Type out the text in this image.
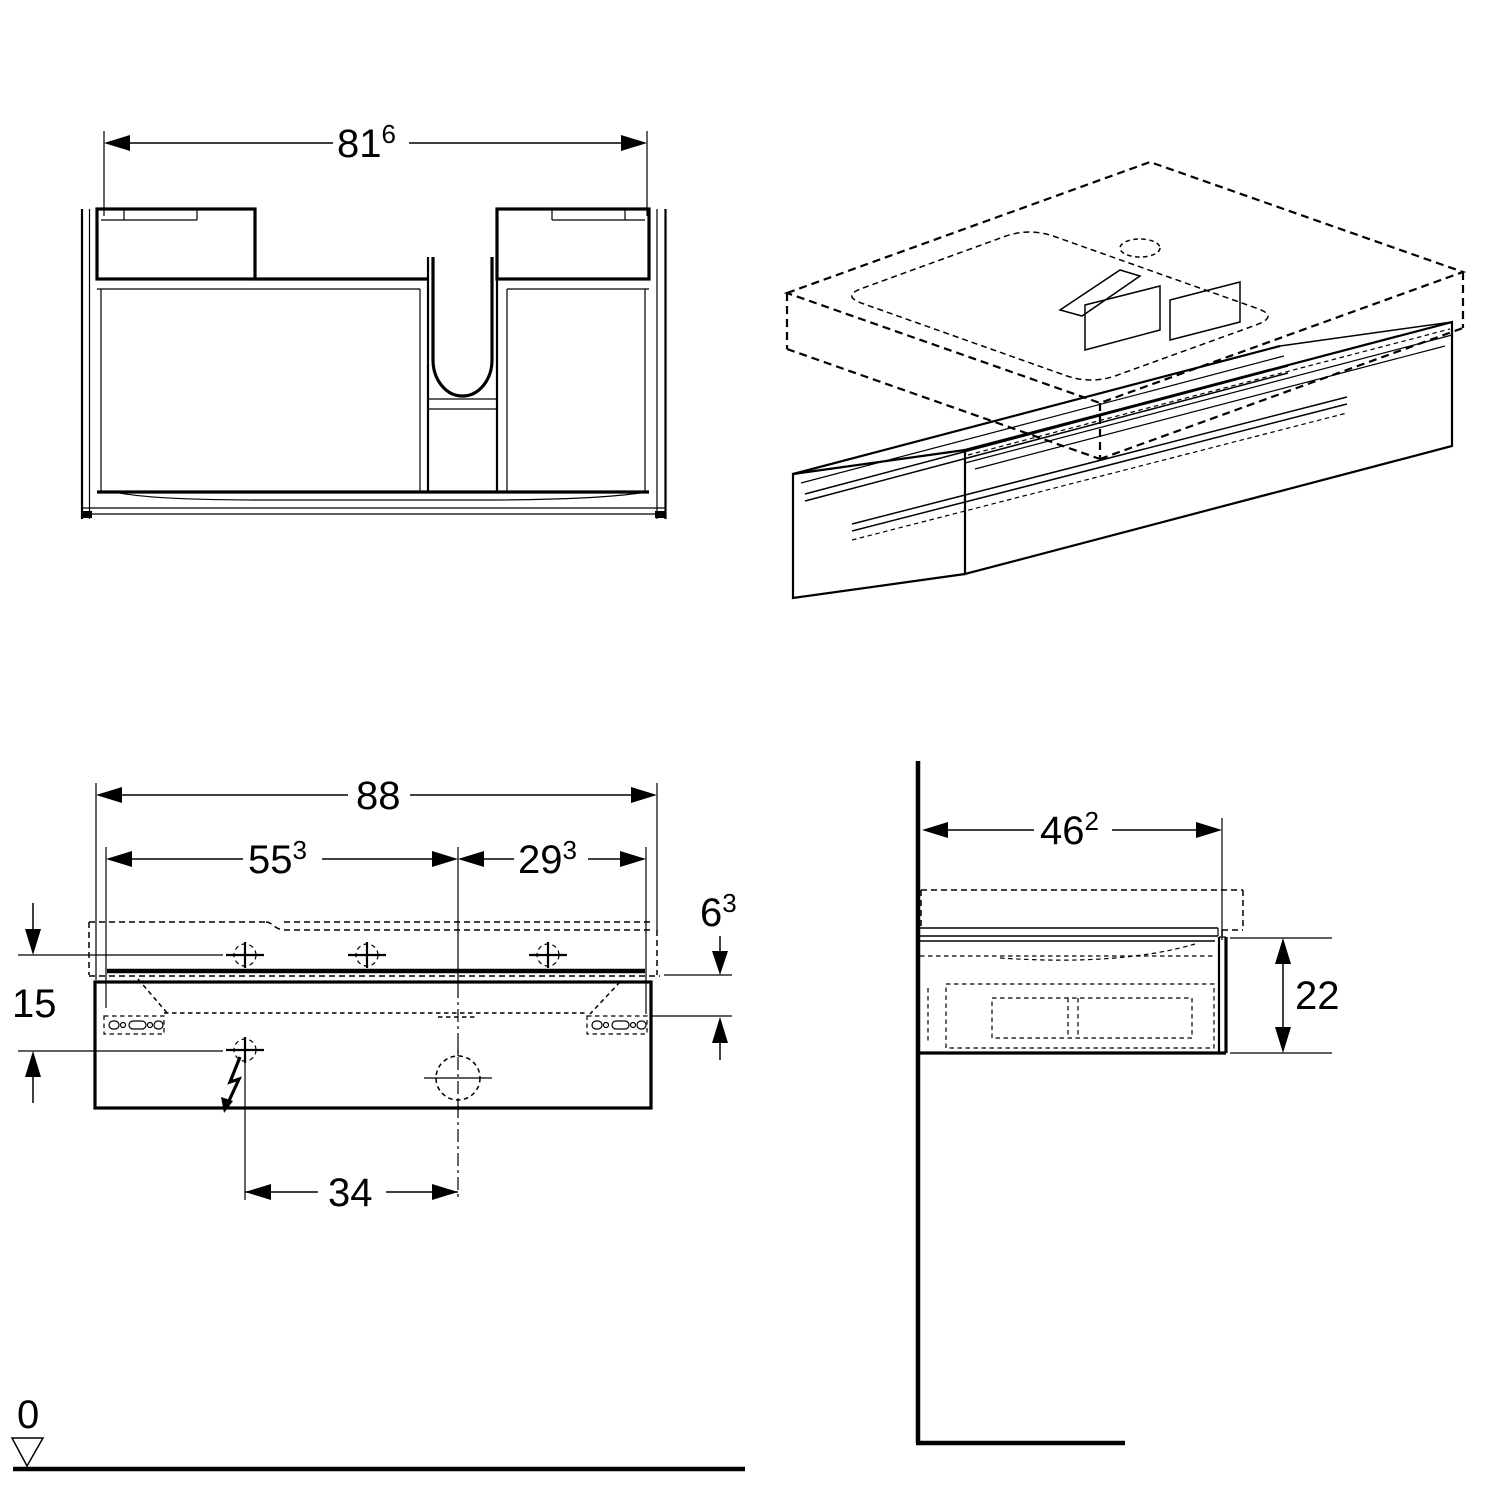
$81^6$
88
$55^3$	$29^3$
15
$6^3$
34
0
$46^2$
22
